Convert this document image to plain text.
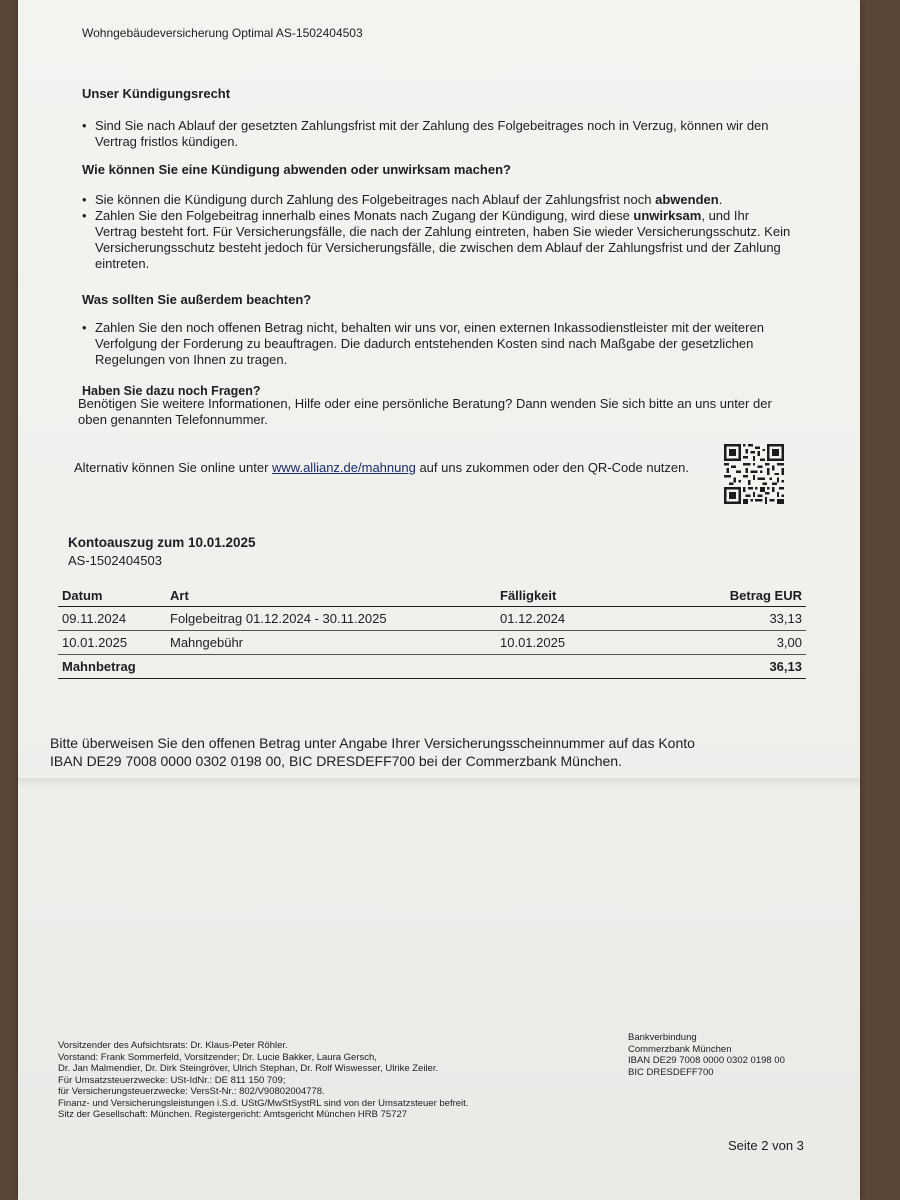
Wohngebäudeversicherung Optimal AS-1502404503
Unser Kündigungsrecht
• Sind Sie nach Ablauf der gesetzten Zahlungsfrist mit der Zahlung des Folgebeitrages noch in Verzug, können wir den Vertrag fristlos kündigen.
Wie können Sie eine Kündigung abwenden oder unwirksam machen?
• Sie können die Kündigung durch Zahlung des Folgebeitrages nach Ablauf der Zahlungsfrist noch abwenden.
• Zahlen Sie den Folgebeitrag innerhalb eines Monats nach Zugang der Kündigung, wird diese unwirksam, und Ihr Vertrag besteht fort. Für Versicherungsfälle, die nach der Zahlung eintreten, haben Sie wieder Versicherungsschutz. Kein Versicherungsschutz besteht jedoch für Versicherungsfälle, die zwischen dem Ablauf der Zahlungsfrist und der Zahlung eintreten.
Was sollten Sie außerdem beachten?
• Zahlen Sie den noch offenen Betrag nicht, behalten wir uns vor, einen externen Inkassodienstleister mit der weiteren Verfolgung der Forderung zu beauftragen. Die dadurch entstehenden Kosten sind nach Maßgabe der gesetzlichen Regelungen von Ihnen zu tragen.
Haben Sie dazu noch Fragen?
Benötigen Sie weitere Informationen, Hilfe oder eine persönliche Beratung? Dann wenden Sie sich bitte an uns unter der oben genannten Telefonnummer.
Alternativ können Sie online unter www.allianz.de/mahnung auf uns zukommen oder den QR-Code nutzen.
Kontoauszug zum 10.01.2025
AS-1502404503
Datum	Art	Fälligkeit	Betrag EUR
09.11.2024	Folgebeitrag 01.12.2024 - 30.11.2025	01.12.2024	33,13
10.01.2025	Mahngebühr	10.01.2025	3,00
Mahnbetrag			36,13
Bitte überweisen Sie den offenen Betrag unter Angabe Ihrer Versicherungsscheinnummer auf das Konto
IBAN DE29 7008 0000 0302 0198 00, BIC DRESDEFF700 bei der Commerzbank München.
Vorsitzender des Aufsichtsrats: Dr. Klaus-Peter Röhler.
Vorstand: Frank Sommerfeld, Vorsitzender; Dr. Lucie Bakker, Laura Gersch,
Dr. Jan Malmendier, Dr. Dirk Steingröver, Ulrich Stephan, Dr. Rolf Wiswesser, Ulrike Zeiler.
Für Umsatzsteuerzwecke: USt-IdNr.: DE 811 150 709;
für Versicherungsteuerzwecke: VersSt-Nr.: 802/V90802004778.
Finanz- und Versicherungsleistungen i.S.d. UStG/MwStSystRL sind von der Umsatzsteuer befreit.
Sitz der Gesellschaft: München. Registergericht: Amtsgericht München HRB 75727
Bankverbindung
Commerzbank München
IBAN DE29 7008 0000 0302 0198 00
BIC DRESDEFF700
Seite 2 von 3
